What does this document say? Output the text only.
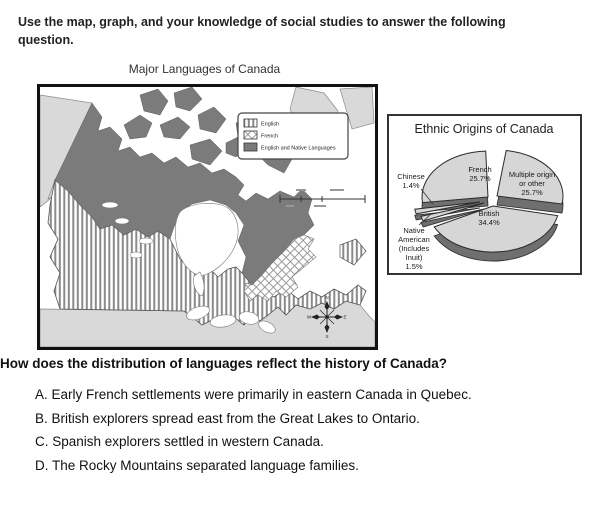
Use the map, graph, and your knowledge of social studies to answer the following question.
Major Languages of Canada
English
French
English and Native Languages
N
E
S
W
Ethnic Origins of Canada
French
25.7% Multiple origin
or other
25.7%
British
34.4%
Chinese
1.4%
Native
American
(Includes
Inuit)
1.5%
How does the distribution of languages reflect the history of Canada?
A. Early French settlements were primarily in eastern Canada in Quebec.
B. British explorers spread east from the Great Lakes to Ontario.
C. Spanish explorers settled in western Canada.
D. The Rocky Mountains separated language families.
